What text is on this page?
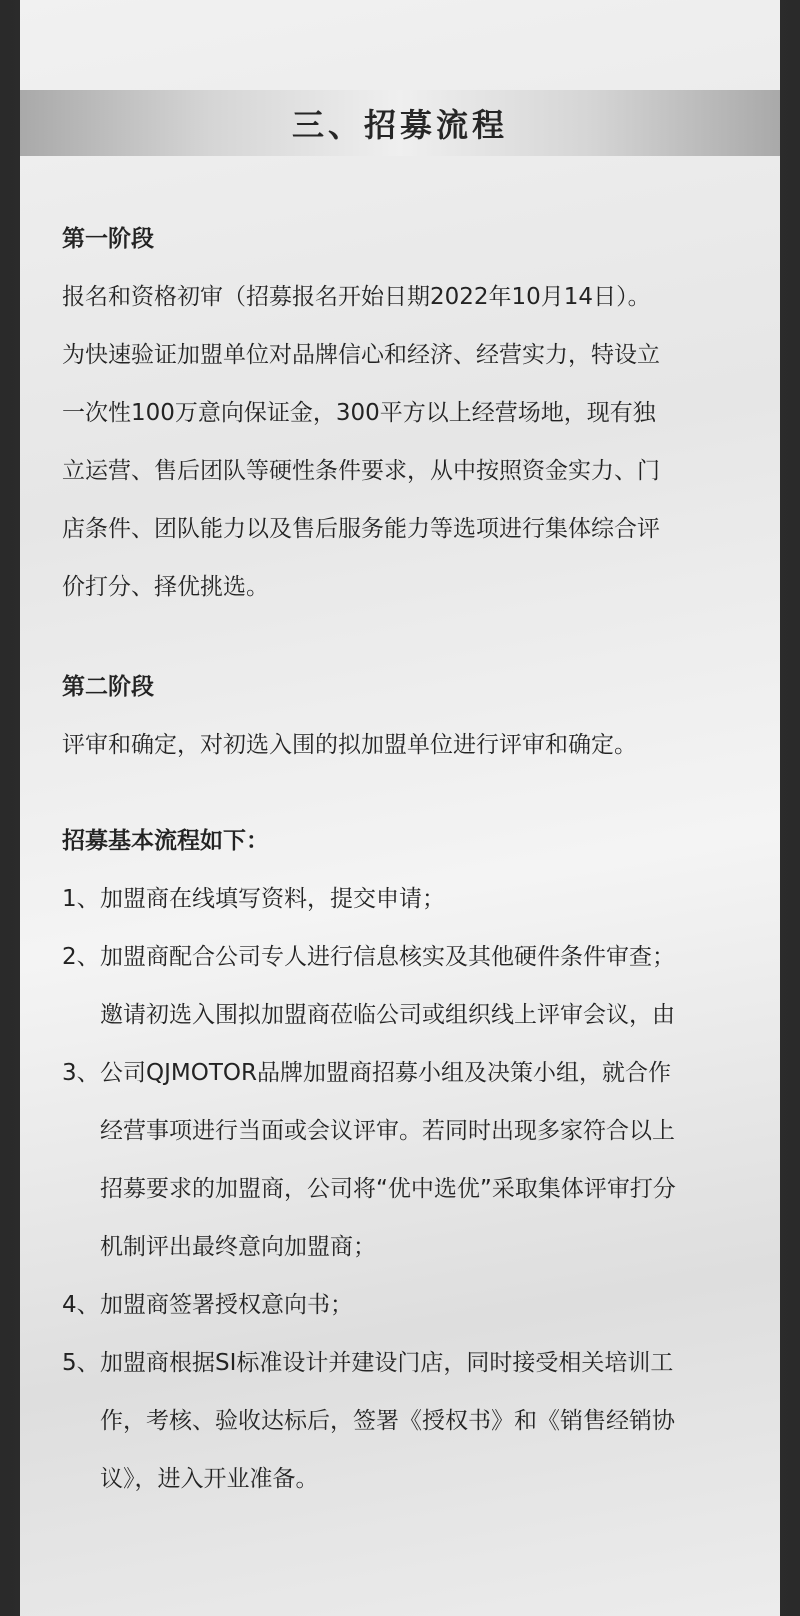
三、招募流程
第一阶段

报名和资格初审（招募报名开始日期2022年10月14日）。
为快速验证加盟单位对品牌信心和经济、经营实力，特设立
一次性100万意向保证金，300平方以上经营场地，现有独
立运营、售后团队等硬性条件要求，从中按照资金实力、门
店条件、团队能力以及售后服务能力等选项进行集体综合评
价打分、择优挑选。

第二阶段

评审和确定，对初选入围的拟加盟单位进行评审和确定。

招募基本流程如下：
1、 加盟商在线填写资料，提交申请；
2、 加盟商配合公司专人进行信息核实及其他硬件条件审查；
邀请初选入围拟加盟商莅临公司或组织线上评审会议，由
3、 公司QJMOTOR品牌加盟商招募小组及决策小组，就合作
经营事项进行当面或会议评审。若同时出现多家符合以上
招募要求的加盟商，公司将“优中选优”采取集体评审打分
机制评出最终意向加盟商；
4、 加盟商签署授权意向书；
5、 加盟商根据SI标准设计并建设门店，同时接受相关培训工
作，考核、验收达标后，签署《授权书》和《销售经销协
议》，进入开业准备。
